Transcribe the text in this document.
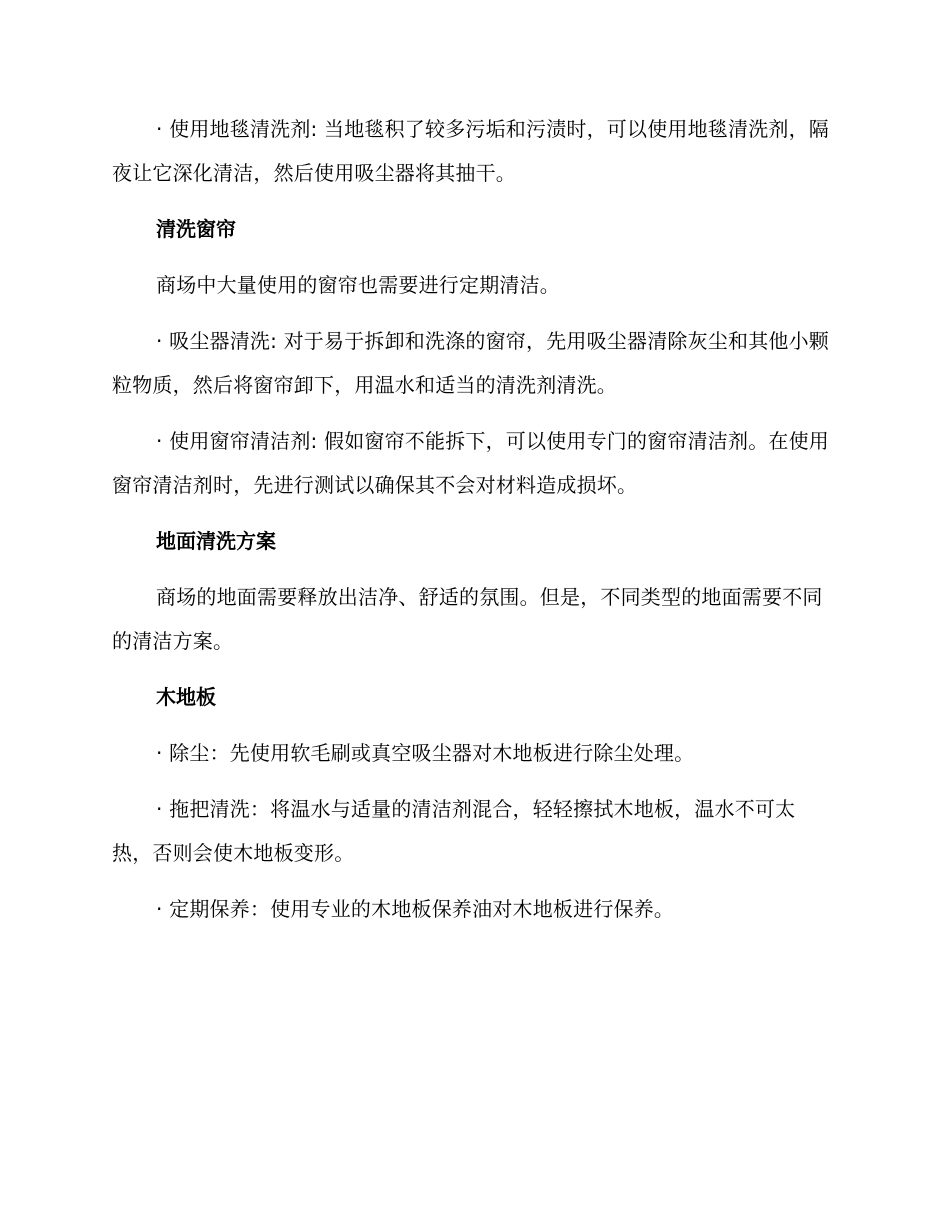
· 使用地毯清洗剂: 当地毯积了较多污垢和污渍时，可以使用地毯清洗剂，隔夜让它深化清洁，然后使用吸尘器将其抽干。

清洗窗帘

商场中大量使用的窗帘也需要进行定期清洁。

· 吸尘器清洗: 对于易于拆卸和洗涤的窗帘，先用吸尘器清除灰尘和其他小颗粒物质，然后将窗帘卸下，用温水和适当的清洗剂清洗。

· 使用窗帘清洁剂: 假如窗帘不能拆下，可以使用专门的窗帘清洁剂。在使用窗帘清洁剂时，先进行测试以确保其不会对材料造成损坏。

地面清洗方案

商场的地面需要释放出洁净、舒适的氛围。但是，不同类型的地面需要不同的清洁方案。

木地板

· 除尘：先使用软毛刷或真空吸尘器对木地板进行除尘处理。

· 拖把清洗：将温水与适量的清洁剂混合，轻轻擦拭木地板，温水不可太热，否则会使木地板变形。

· 定期保养：使用专业的木地板保养油对木地板进行保养。
